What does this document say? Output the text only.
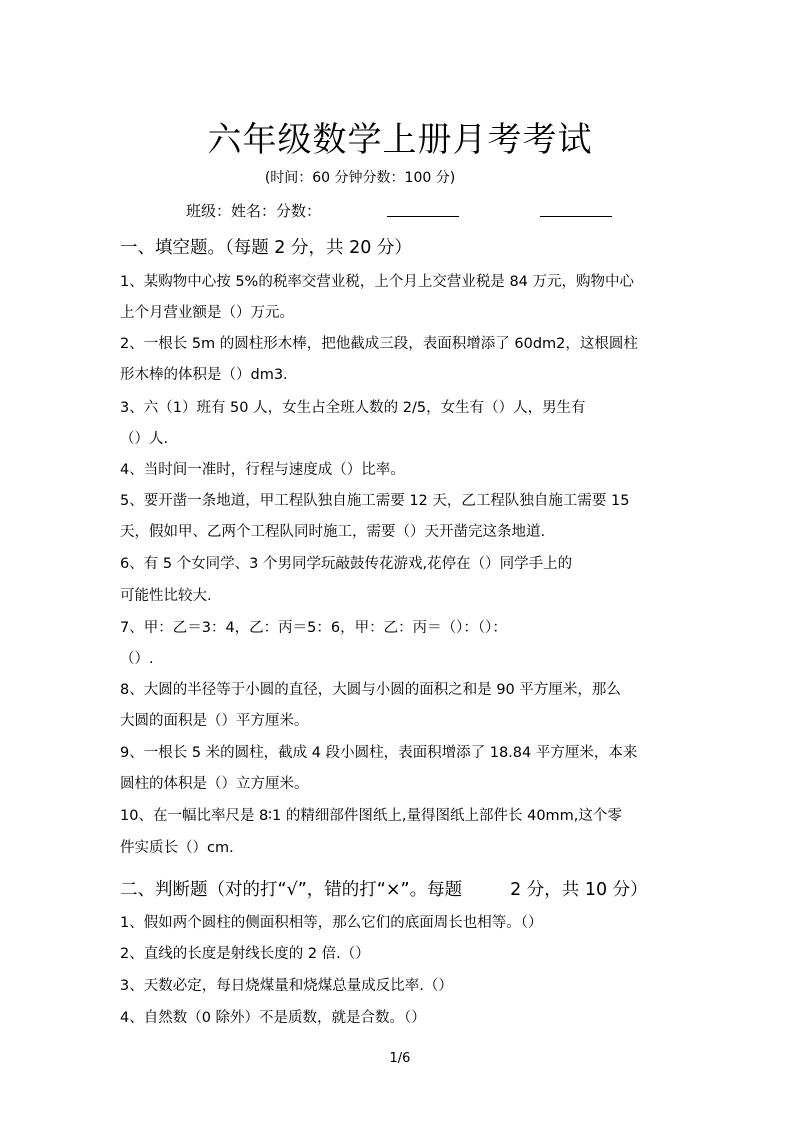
六年级数学上册月考考试
(时间：60 分钟分数：100 分)
班级：姓名：分数：
一、填空题。（每题 2 分，共 20 分）
1、某购物中心按 5%的税率交营业税，上个月上交营业税是 84 万元，购物中心
上个月营业额是（）万元。
2、一根长 5m 的圆柱形木棒，把他截成三段，表面积增添了 60dm2，这根圆柱
形木棒的体积是（）dm3.
3、六（1）班有 50 人，女生占全班人数的 2/5，女生有（）人，男生有
（）人.
4、当时间一准时，行程与速度成（）比率。
5、要开凿一条地道，甲工程队独自施工需要 12 天，乙工程队独自施工需要 15
天，假如甲、乙两个工程队同时施工，需要（）天开凿完这条地道.
6、有 5 个女同学、3 个男同学玩敲鼓传花游戏,花停在（）同学手上的
可能性比较大.
7、甲：乙＝3：4，乙：丙＝5：6，甲：乙：丙＝（）：（）：
（）.
8、大圆的半径等于小圆的直径，大圆与小圆的面积之和是 90 平方厘米，那么
大圆的面积是（）平方厘米。
9、一根长 5 米的圆柱，截成 4 段小圆柱，表面积增添了 18.84 平方厘米，本来
圆柱的体积是（）立方厘米。
10、在一幅比率尺是 8∶1 的精细部件图纸上,量得图纸上部件长 40mm,这个零
件实质长（）cm.
二、判断题（对的打“√”，错的打“×”。每题	2 分，共 10 分）
1、假如两个圆柱的侧面积相等，那么它们的底面周长也相等。（）
2、直线的长度是射线长度的 2 倍.（）
3、天数必定，每日烧煤量和烧煤总量成反比率.（）
4、自然数（0 除外）不是质数，就是合数。（）
1/6
